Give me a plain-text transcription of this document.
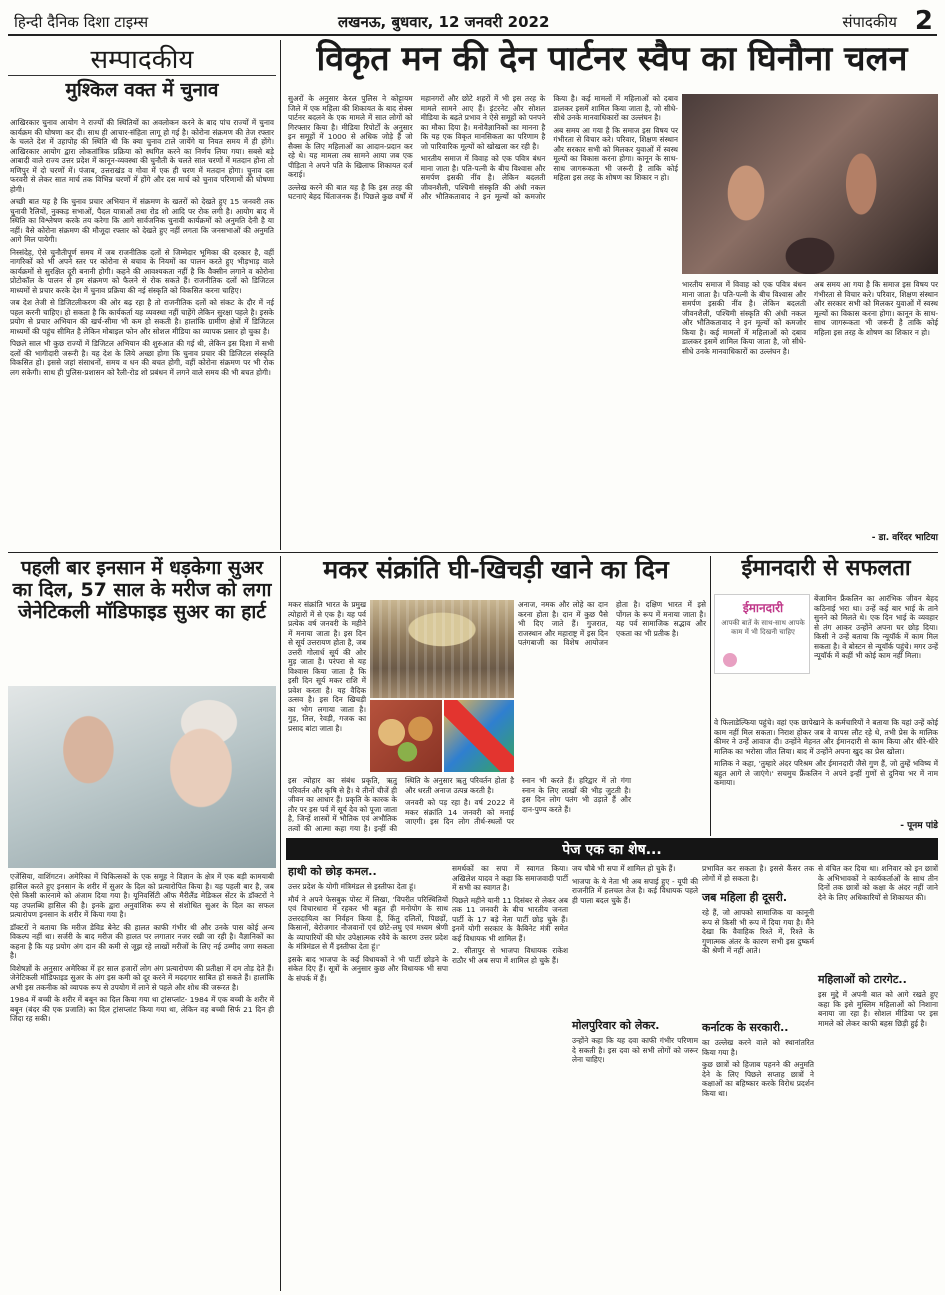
हिन्दी दैनिक दिशा टाइम्स	लखनऊ, बुधवार, 12 जनवरी 2022	संपादकीय 2
सम्पादकीय
मुश्किल वक्त में चुनाव

आखिरकार चुनाव आयोग ने राज्यों की स्थितियों का अवलोकन करने के बाद पांच राज्यों में चुनाव कार्यक्रम की घोषणा कर दी। साथ ही आचार-संहिता लागू हो गई है। कोरोना संक्रमण की तेज रफ्तार के चलते देश में उहापोह की स्थिति थी कि क्या चुनाव टाले जायेंगे या नियत समय में ही होंगे। आखिरकार आयोग द्वारा लोकतांत्रिक प्रक्रिया को स्थगित करने का निर्णय लिया गया। सबसे बड़े आबादी वाले राज्य उत्तर प्रदेश में कानून-व्यवस्था की चुनौती के चलते सात चरणों में मतदान होना तो मणिपुर में दो चरणों में। पंजाब, उत्तराखंड व गोवा में एक ही चरण में मतदान होगा। चुनाव दस फरवरी से लेकर सात मार्च तक विभिन्न चरणों में होंगे और दस मार्च को चुनाव परिणामों की घोषणा होगी।

अच्छी बात यह है कि चुनाव प्रचार अभियान में संक्रमण के खतरों को देखते हुए 15 जनवरी तक चुनावी रैलियों, नुक्कड़ सभाओं, पैदल यात्राओं तथा रोड शो आदि पर रोक लगी है। आयोग बाद में स्थिति का विश्लेषण करके तय करेगा कि आगे सार्वजनिक चुनावी कार्यक्रमों को अनुमति देनी है या नहीं। वैसे कोरोना संक्रमण की मौजूदा रफ्तार को देखते हुए नहीं लगता कि जनसभाओं की अनुमति आगे मिल पायेगी।

निस्संदेह, ऐसे चुनौतीपूर्ण समय में जब राजनीतिक दलों से जिम्मेदार भूमिका की दरकार है, वहीं नागरिकों को भी अपने स्तर पर कोरोना से बचाव के नियमों का पालन करते हुए भीड़भाड़ वाले कार्यक्रमों से सुरक्षित दूरी बनानी होगी। कहने की आवश्यकता नहीं है कि वैक्सीन लगाने व कोरोना प्रोटोकॉल के पालन से हम संक्रमण को फैलने से रोक सकते हैं। राजनीतिक दलों को डिजिटल माध्यमों से प्रचार करके देश में चुनाव प्रक्रिया की नई संस्कृति को विकसित करना चाहिए।

जब देश तेजी से डिजिटलीकरण की ओर बढ़ रहा है तो राजनीतिक दलों को संकट के दौर में नई पहल करनी चाहिए। हो सकता है कि कार्यकर्ता यह व्यवस्था नहीं चाहेंगे लेकिन सुरक्षा पहले है। इसके प्रयोग से प्रचार अभियान की खर्च-सीमा भी कम हो सकती है। हालांकि ग्रामीण क्षेत्रों में डिजिटल माध्यमों की पहुंच सीमित है लेकिन मोबाइल फोन और सोशल मीडिया का व्यापक प्रसार हो चुका है।

पिछले साल भी कुछ राज्यों में डिजिटल अभियान की शुरुआत की गई थी, लेकिन इस दिशा में सभी दलों की भागीदारी जरूरी है। यह देश के लिये अच्छा होगा कि चुनाव प्रचार की डिजिटल संस्कृति विकसित हो। इससे जहां संसाधनों, समय व धन की बचत होगी, वहीं कोरोना संक्रमण पर भी रोक लग सकेगी। साथ ही पुलिस-प्रशासन को रैली-रोड शो प्रबंधन में लगने वाले समय की भी बचत होगी।

विकृत मन की देन पार्टनर स्वैप का घिनौना चलन

सुअरों के अनुसार केरल पुलिस ने कोट्टायम जिले में एक महिला की शिकायत के बाद सेक्स पार्टनर बदलने के एक मामले में सात लोगों को गिरफ्तार किया है। मीडिया रिपोर्टों के अनुसार इन समूहों में 1000 से अधिक जोड़े हैं जो सैक्स के लिए महिलाओं का आदान-प्रदान कर रहे थे। यह मामला तब सामने आया जब एक पीड़िता ने अपने पति के खिलाफ शिकायत दर्ज कराई।

उल्लेख करने की बात यह है कि इस तरह की घटनाएं बेहद चिंताजनक हैं। पिछले कुछ वर्षों में महानगरों और छोटे शहरों में भी इस तरह के मामले सामने आए हैं। इंटरनेट और सोशल मीडिया के बढ़ते प्रभाव ने ऐसे समूहों को पनपने का मौका दिया है। मनोवैज्ञानिकों का मानना है कि यह एक विकृत मानसिकता का परिणाम है जो पारिवारिक मूल्यों को खोखला कर रही है।

भारतीय समाज में विवाह को एक पवित्र बंधन माना जाता है। पति-पत्नी के बीच विश्वास और समर्पण इसकी नींव है। लेकिन बदलती जीवनशैली, पश्चिमी संस्कृति की अंधी नकल और भौतिकतावाद ने इन मूल्यों को कमजोर किया है। कई मामलों में महिलाओं को दबाव डालकर इसमें शामिल किया जाता है, जो सीधे-सीधे उनके मानवाधिकारों का उल्लंघन है।

अब समय आ गया है कि समाज इस विषय पर गंभीरता से विचार करे। परिवार, शिक्षण संस्थान और सरकार सभी को मिलकर युवाओं में स्वस्थ मूल्यों का विकास करना होगा। कानून के साथ-साथ जागरूकता भी जरूरी है ताकि कोई महिला इस तरह के शोषण का शिकार न हो।

भारतीय समाज में विवाह को एक पवित्र बंधन माना जाता है। पति-पत्नी के बीच विश्वास और समर्पण इसकी नींव है। लेकिन बदलती जीवनशैली, पश्चिमी संस्कृति की अंधी नकल और भौतिकतावाद ने इन मूल्यों को कमजोर किया है। कई मामलों में महिलाओं को दबाव डालकर इसमें शामिल किया जाता है, जो सीधे-सीधे उनके मानवाधिकारों का उल्लंघन है।

अब समय आ गया है कि समाज इस विषय पर गंभीरता से विचार करे। परिवार, शिक्षण संस्थान और सरकार सभी को मिलकर युवाओं में स्वस्थ मूल्यों का विकास करना होगा। कानून के साथ-साथ जागरूकता भी जरूरी है ताकि कोई महिला इस तरह के शोषण का शिकार न हो।

- डा. वरिंदर भाटिया
पहली बार इनसान में धड़केगा सुअर का दिल, 57 साल के मरीज को लगा जेनेटिकली मॉडिफाइड सुअर का हार्ट

एजेंसिया, वाशिंगटन। अमेरिका में चिकित्सकों के एक समूह ने विज्ञान के क्षेत्र में एक बड़ी कामयाबी हासिल करते हुए इनसान के शरीर में सुअर के दिल को प्रत्यारोपित किया है। यह पहली बार है, जब ऐसे किसी कारनामे को अंजाम दिया गया है। यूनिवर्सिटी ऑफ मैरीलैंड मेडिकल सेंटर के डॉक्टरों ने यह उपलब्धि हासिल की है। इनके द्वारा अनुवांशिक रूप से संशोधित सुअर के दिल का सफल प्रत्यारोपण इनसान के शरीर में किया गया है।

डॉक्टरों ने बताया कि मरीज डेविड बेनेट की हालत काफी गंभीर थी और उनके पास कोई अन्य विकल्प नहीं था। सर्जरी के बाद मरीज की हालत पर लगातार नजर रखी जा रही है। वैज्ञानिकों का कहना है कि यह प्रयोग अंग दान की कमी से जूझ रहे लाखों मरीजों के लिए नई उम्मीद जगा सकता है।

विशेषज्ञों के अनुसार अमेरिका में हर साल हजारों लोग अंग प्रत्यारोपण की प्रतीक्षा में दम तोड़ देते हैं। जेनेटिकली मॉडिफाइड सुअर के अंग इस कमी को दूर करने में मददगार साबित हो सकते हैं। हालांकि अभी इस तकनीक को व्यापक रूप से उपयोग में लाने से पहले और शोध की जरूरत है।

1984 में बच्ची के शरीर में बबून का दिल किया गया था ट्रांसप्लांट- 1984 में एक बच्ची के शरीर में बबून (बंदर की एक प्रजाति) का दिल ट्रांसप्लांट किया गया था, लेकिन वह बच्ची सिर्फ 21 दिन ही जिंदा रह सकी।

मकर संक्रांति घी-खिचड़ी खाने का दिन

मकर संक्रांति भारत के प्रमुख त्योहारों में से एक है। यह पर्व प्रत्येक वर्ष जनवरी के महीने में मनाया जाता है। इस दिन से सूर्य उत्तरायण होता है, जब उत्तरी गोलार्ध सूर्य की ओर मुड़ जाता है। परंपरा से यह विश्वास किया जाता है कि इसी दिन सूर्य मकर राशि में प्रवेश करता है। यह वैदिक उत्सव है। इस दिन खिचड़ी का भोग लगाया जाता है। गुड़, तिल, रेवड़ी, गजक का प्रसाद बांटा जाता है।

अनाज, नमक और लोहे का दान करना होता है। दान में कुछ पैसे भी दिए जाते हैं। गुजरात, राजस्थान और महाराष्ट्र में इस दिन पतंगबाजी का विशेष आयोजन होता है। दक्षिण भारत में इसे पोंगल के रूप में मनाया जाता है। यह पर्व सामाजिक सद्भाव और एकता का भी प्रतीक है।

इस त्योहार का संबंध प्रकृति, ऋतु परिवर्तन और कृषि से है। ये तीनों चीजें ही जीवन का आधार हैं। प्रकृति के कारक के तौर पर इस पर्व में सूर्य देव को पूजा जाता है, जिन्हें शास्त्रों में भौतिक एवं अभौतिक तत्वों की आत्मा कहा गया है। इन्हीं की स्थिति के अनुसार ऋतु परिवर्तन होता है और धरती अनाज उत्पन्न करती है।

जनवरी को पड़ रहा है। वर्ष 2022 में मकर संक्रांति 14 जनवरी को मनाई जाएगी। इस दिन लोग तीर्थ-स्थलों पर स्नान भी करते हैं। हरिद्वार में तो गंगा स्नान के लिए लाखों की भीड़ जुटती है। इस दिन लोग पतंग भी उड़ाते हैं और दान-पुण्य करते हैं।

ईमानदारी से सफलता
ईमानदारी
आपकी बातें के साथ-साथ आपके काम में भी दिखनी चाहिए

बेंजामिन फ्रैंकलिन का आरंभिक जीवन बेहद कठिनाई भरा था। उन्हें कई बार भाई के ताने सुनने को मिलते थे। एक दिन भाई के व्यवहार से तंग आकर उन्होंने अपना घर छोड़ दिया। किसी ने उन्हें बताया कि न्यूयॉर्क में काम मिल सकता है। वे बोस्टन से न्यूयॉर्क पहुंचे। मगर उन्हें न्यूयॉर्क में कहीं भी कोई काम नहीं मिला।

वे फिलाडेल्फिया पहुंचे। वहां एक छापेखाने के कर्मचारियों ने बताया कि यहां उन्हें कोई काम नहीं मिल सकता। निराश होकर जब वे वापस लौट रहे थे, तभी प्रेस के मालिक कीमर ने उन्हें आवाज दी। उन्होंने मेहनत और ईमानदारी से काम किया और धीरे-धीरे मालिक का भरोसा जीत लिया। बाद में उन्होंने अपना खुद का प्रेस खोला।

मालिक ने कहा, 'तुम्हारे अंदर परिश्रम और ईमानदारी जैसे गुण हैं, जो तुम्हें भविष्य में बहुत आगे ले जाएंगे।' सचमुच फ्रैंकलिन ने अपने इन्हीं गुणों से दुनिया भर में नाम कमाया।

- पूनम पांडे
पेज एक का शेष...
हाथी को छोड़ कमल..

उत्तर प्रदेश के योगी मंत्रिमंडल से इस्तीफा देता हूं।

मौर्य ने अपने फेसबुक पोस्ट में लिखा, 'विपरीत परिस्थितियों एवं विचारधारा में रहकर भी बहुत ही मनोयोग के साथ उत्तरदायित्व का निर्वहन किया है, किंतु दलितों, पिछड़ों, किसानों, बेरोजगार नौजवानों एवं छोटे-लघु एवं मध्यम श्रेणी के व्यापारियों की घोर उपेक्षात्मक रवैये के कारण उत्तर प्रदेश के मंत्रिमंडल से मैं इस्तीफा देता हूं।'

इसके बाद भाजपा के कई विधायकों ने भी पार्टी छोड़ने के संकेत दिए हैं। सूत्रों के अनुसार कुछ और विधायक भी सपा के संपर्क में हैं।

समर्थकों का सपा में स्वागत किया। अखिलेश यादव ने कहा कि समाजवादी पार्टी में सभी का स्वागत है।

पिछले महीने यानी 11 दिसंबर से लेकर अब तक 11 जनवरी के बीच भारतीय जनता पार्टी के 17 बड़े नेता पार्टी छोड़ चुके हैं। इनमें योगी सरकार के कैबिनेट मंत्री समेत कई विधायक भी शामिल हैं।

2. सीतापुर से भाजपा विधायक राकेश राठौर भी अब सपा में शामिल हो चुके हैं।

जय चौबे भी सपा में शामिल हो चुके हैं।

भाजपा के ये नेता भी अब सपाई हुए - यूपी की राजनीति में हलचल तेज है। कई विधायक पहले ही पाला बदल चुके हैं।

मोलपुरिवार को लेकर.

उन्होंने कहा कि यह दवा काफी गंभीर परिणाम दे सकती है। इस दवा को सभी लोगों को जरूर लेना चाहिए।

प्रभावित कर सकता है। इससे कैंसर तक लोगों में हो सकता है।

जब महिला ही दूसरी.

रहे हैं, जो आपको सामाजिक या कानूनी रूप से किसी भी रूप में दिया गया है। मैंने देखा कि वैवाहिक रिश्ते में, रिश्ते के गुणात्मक अंतर के कारण सभी इस दुष्कर्म की श्रेणी में नहीं आते।

कर्नाटक के सरकारी..

का उल्लेख करने वाले को स्थानांतरित किया गया है।

कुछ छात्रों को हिजाब पहनने की अनुमति देने के लिए पिछले सप्ताह छात्रों ने कक्षाओं का बहिष्कार करके विरोध प्रदर्शन किया था।

से वंचित कर दिया था। शनिवार को इन छात्रों के अभिभावकों ने कार्यकर्ताओं के साथ तीन दिनों तक छात्रों को कक्षा के अंदर नहीं जाने देने के लिए अधिकारियों से शिकायत की।

महिलाओं को टारगेट..

इस मुद्दे में अपनी बात को आगे रखते हुए कहा कि इसे मुस्लिम महिलाओं को निशाना बनाया जा रहा है। सोशल मीडिया पर इस मामले को लेकर काफी बहस छिड़ी हुई है।
